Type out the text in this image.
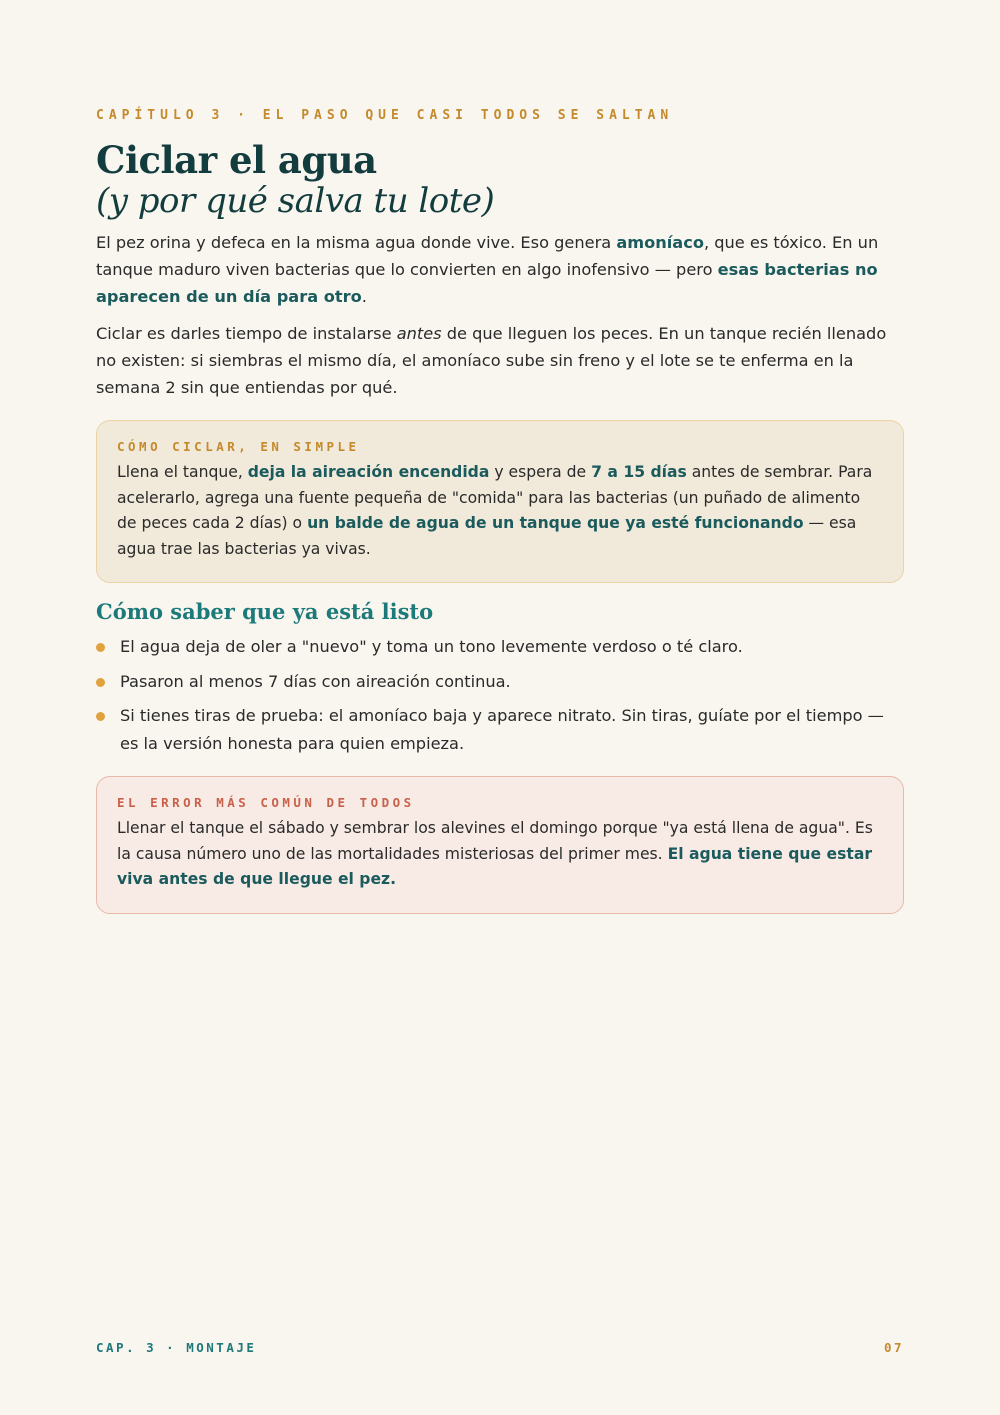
CAPÍTULO 3 · EL PASO QUE CASI TODOS SE SALTAN
Ciclar el agua
(y por qué salva tu lote)

El pez orina y defeca en la misma agua donde vive. Eso genera amoníaco, que es tóxico. En un tanque maduro viven bacterias que lo convierten en algo inofensivo — pero esas bacterias no aparecen de un día para otro.

Ciclar es darles tiempo de instalarse antes de que lleguen los peces. En un tanque recién llenado no existen: si siembras el mismo día, el amoníaco sube sin freno y el lote se te enferma en la semana 2 sin que entiendas por qué.

CÓMO CICLAR, EN SIMPLE

Llena el tanque, deja la aireación encendida y espera de 7 a 15 días antes de sembrar. Para acelerarlo, agrega una fuente pequeña de "comida" para las bacterias (un puñado de alimento de peces cada 2 días) o un balde de agua de un tanque que ya esté funcionando — esa agua trae las bacterias ya vivas.

Cómo saber que ya está listo
El agua deja de oler a "nuevo" y toma un tono levemente verdoso o té claro.
Pasaron al menos 7 días con aireación continua.
Si tienes tiras de prueba: el amoníaco baja y aparece nitrato. Sin tiras, guíate por el tiempo — es la versión honesta para quien empieza.
EL ERROR MÁS COMÚN DE TODOS

Llenar el tanque el sábado y sembrar los alevines el domingo porque "ya está llena de agua". Es la causa número uno de las mortalidades misteriosas del primer mes. El agua tiene que estar viva antes de que llegue el pez.

CAP. 3 · MONTAJE	07
